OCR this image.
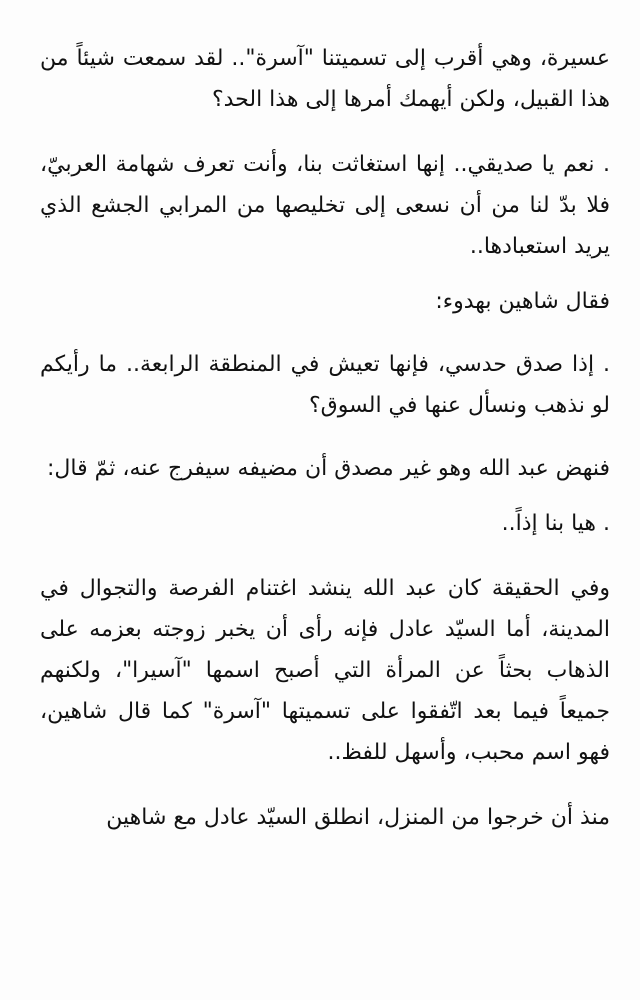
عسيرة، وهي أقرب إلى تسميتنا "آسرة".. لقد سمعت شيئاً من هذا القبيل، ولكن أيهمك أمرها إلى هذا الحد؟

. نعم يا صديقي.. إنها استغاثت بنا، وأنت تعرف شهامة العربيّ، فلا بدّ لنا من أن نسعى إلى تخليصها من المرابي الجشع الذي يريد استعبادها..

فقال شاهين بهدوء:

. إذا صدق حدسي، فإنها تعيش في المنطقة الرابعة.. ما رأيكم لو نذهب ونسأل عنها في السوق؟

فنهض عبد الله وهو غير مصدق أن مضيفه سيفرج عنه، ثمّ قال:

. هيا بنا إذاً..

وفي الحقيقة كان عبد الله ينشد اغتنام الفرصة والتجوال في المدينة، أما السيّد عادل فإنه رأى أن يخبر زوجته بعزمه على الذهاب بحثاً عن المرأة التي أصبح اسمها "آسيرا"، ولكنهم جميعاً فيما بعد اتّفقوا على تسميتها "آسرة" كما قال شاهين، فهو اسم محبب، وأسهل للفظ..

منذ أن خرجوا من المنزل، انطلق السيّد عادل مع شاهين
